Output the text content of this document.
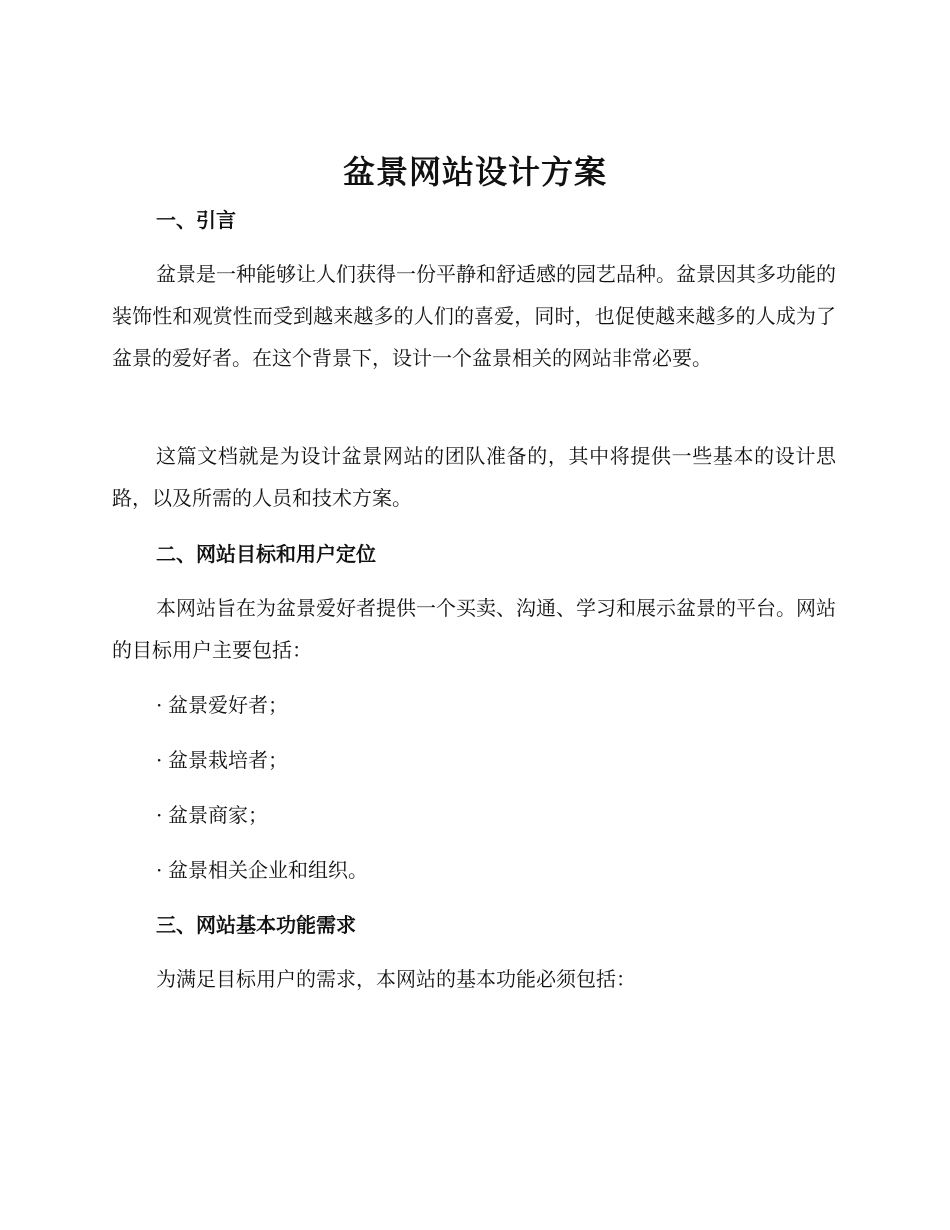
盆景网站设计方案
一、引言

盆景是一种能够让人们获得一份平静和舒适感的园艺品种。盆景因其多功能的装饰性和观赏性而受到越来越多的人们的喜爱，同时，也促使越来越多的人成为了盆景的爱好者。在这个背景下，设计一个盆景相关的网站非常必要。

这篇文档就是为设计盆景网站的团队准备的，其中将提供一些基本的设计思路，以及所需的人员和技术方案。

二、网站目标和用户定位

本网站旨在为盆景爱好者提供一个买卖、沟通、学习和展示盆景的平台。网站的目标用户主要包括：

· 盆景爱好者；
· 盆景栽培者；
· 盆景商家；
· 盆景相关企业和组织。
三、网站基本功能需求

为满足目标用户的需求，本网站的基本功能必须包括：
